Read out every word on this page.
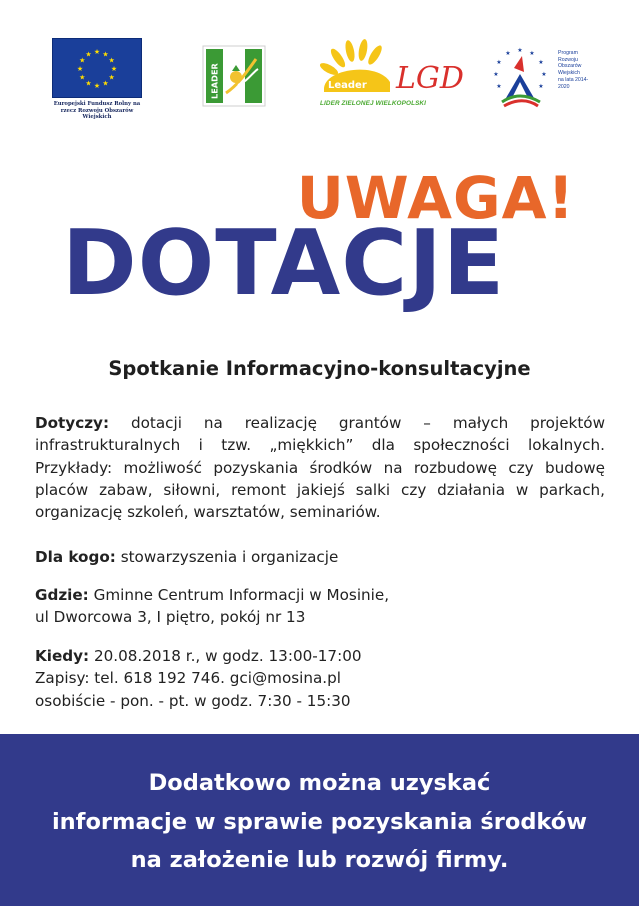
★ ★
★
★
★
★
★
★
★
★
★
★
Europejski Fundusz Rolny na rzecz Rozwoju Obszarów Wiejskich
LEADER	Leader LGD
LIDER ZIELONEJ WIELKOPOLSKI
★ ★
★
★
★
★
★
★
★	Program
Rozwoju
Obszarów
Wiejskich
na lata 2014-2020
UWAGA!
DOTACJE
Spotkanie Informacyjno-konsultacyjne
Dotyczy: dotacji na realizację grantów – małych projektów infrastrukturalnych i tzw. „miękkich” dla społeczności lokalnych. Przykłady: możliwość pozyskania środków na rozbudowę czy budowę placów zabaw, siłowni, remont jakiejś salki czy działania w parkach, organizację szkoleń, warsztatów, seminariów.
Dla kogo: stowarzyszenia i organizacje
Gdzie: Gminne Centrum Informacji w Mosinie,
ul Dworcowa 3, I piętro, pokój nr 13
Kiedy: 20.08.2018 r., w godz. 13:00-17:00
Zapisy: tel. 618 192 746. gci@mosina.pl
osobiście - pon. - pt. w godz. 7:30 - 15:30

Dodatkowo można uzyskać
informacje w sprawie pozyskania środków
na założenie lub rozwój firmy.
